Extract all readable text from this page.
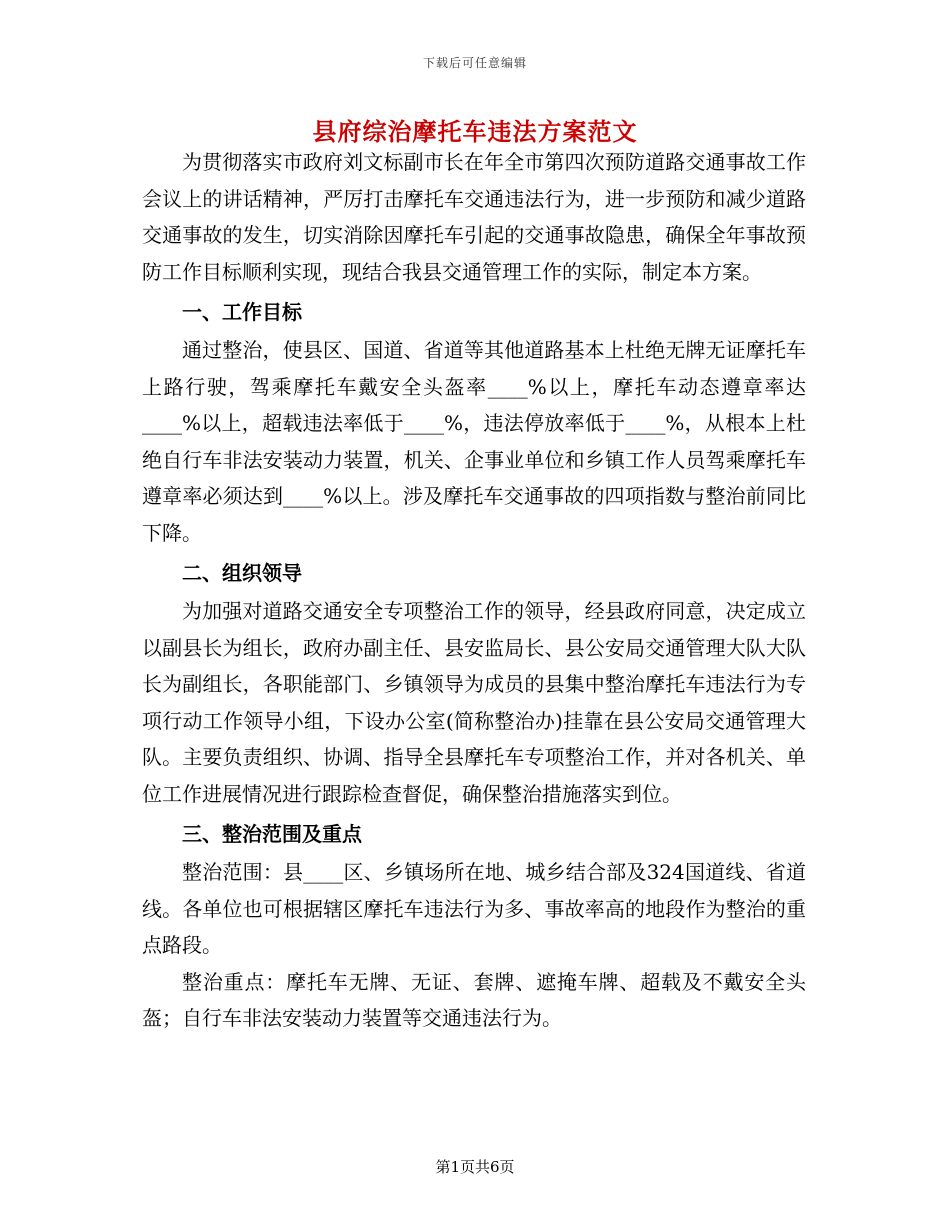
下载后可任意编辑
县府综治摩托车违法方案范文

为贯彻落实市政府刘文标副市长在年全市第四次预防道路交通事故工作会议上的讲话精神，严厉打击摩托车交通违法行为，进一步预防和减少道路交通事故的发生，切实消除因摩托车引起的交通事故隐患，确保全年事故预防工作目标顺利实现，现结合我县交通管理工作的实际，制定本方案。

一、工作目标

通过整治，使县区、国道、省道等其他道路基本上杜绝无牌无证摩托车上路行驶，驾乘摩托车戴安全头盔率____%以上，摩托车动态遵章率达____%以上，超载违法率低于____%，违法停放率低于____%，从根本上杜绝自行车非法安装动力装置，机关、企事业单位和乡镇工作人员驾乘摩托车遵章率必须达到____%以上。涉及摩托车交通事故的四项指数与整治前同比下降。

二、组织领导

为加强对道路交通安全专项整治工作的领导，经县政府同意，决定成立以副县长为组长，政府办副主任、县安监局长、县公安局交通管理大队大队长为副组长，各职能部门、乡镇领导为成员的县集中整治摩托车违法行为专项行动工作领导小组，下设办公室(简称整治办)挂靠在县公安局交通管理大队。主要负责组织、协调、指导全县摩托车专项整治工作，并对各机关、单位工作进展情况进行跟踪检查督促，确保整治措施落实到位。

三、整治范围及重点

整治范围：县____区、乡镇场所在地、城乡结合部及324国道线、省道线。各单位也可根据辖区摩托车违法行为多、事故率高的地段作为整治的重点路段。

整治重点：摩托车无牌、无证、套牌、遮掩车牌、超载及不戴安全头盔；自行车非法安装动力装置等交通违法行为。

第1页共6页
